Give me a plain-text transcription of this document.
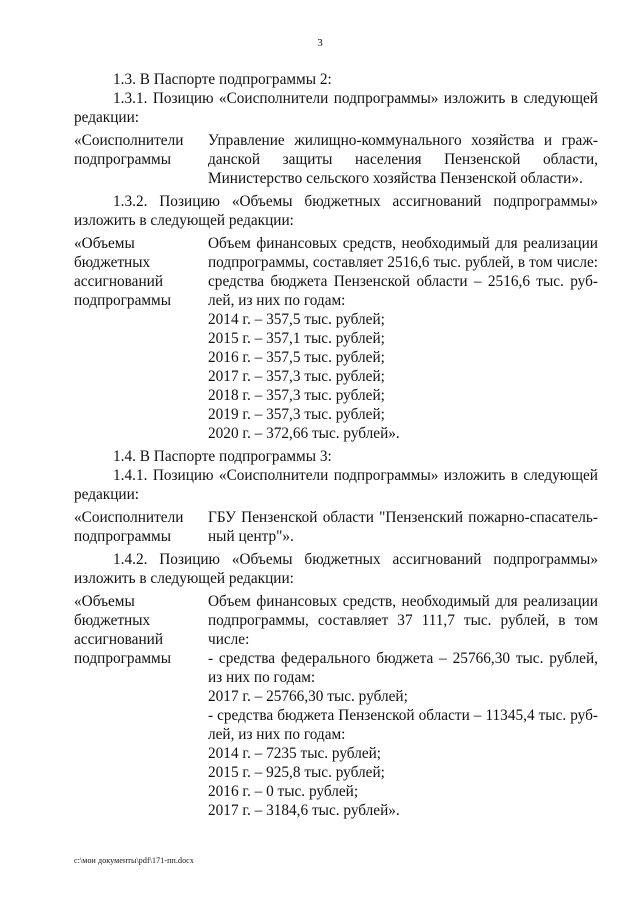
3
1.3. В Паспорте подпрограммы 2:
1.3.1. Позицию «Соисполнители подпрограммы» изложить в следующей
редакции:
«Соисполнители
подпрограммы
Управление жилищно-коммунального хозяйства и граж-
данской защиты населения Пензенской области,
Министерство сельского хозяйства Пензенской области».
1.3.2. Позицию «Объемы бюджетных ассигнований подпрограммы»
изложить в следующей редакции:
«Объемы
бюджетных
ассигнований
подпрограммы
Объем финансовых средств, необходимый для реализации
подпрограммы, составляет 2516,6 тыс. рублей, в том числе:
средства бюджета Пензенской области – 2516,6 тыс. руб-
лей, из них по годам:
2014 г. – 357,5 тыс. рублей;
2015 г. – 357,1 тыс. рублей;
2016 г. – 357,5 тыс. рублей;
2017 г. – 357,3 тыс. рублей;
2018 г. – 357,3 тыс. рублей;
2019 г. – 357,3 тыс. рублей;
2020 г. – 372,66 тыс. рублей».
1.4. В Паспорте подпрограммы 3:
1.4.1. Позицию «Соисполнители подпрограммы» изложить в следующей
редакции:
«Соисполнители
подпрограммы
ГБУ Пензенской области "Пензенский пожарно-спасатель-
ный центр"».
1.4.2. Позицию «Объемы бюджетных ассигнований подпрограммы»
изложить в следующей редакции:
«Объемы
бюджетных
ассигнований
подпрограммы
Объем финансовых средств, необходимый для реализации
подпрограммы, составляет 37 111,7 тыс. рублей, в том
числе:
- средства федерального бюджета – 25766,30 тыс. рублей,
из них по годам:
2017 г. – 25766,30 тыс. рублей;
- средства бюджета Пензенской области – 11345,4 тыс. руб-
лей, из них по годам:
2014 г. – 7235 тыс. рублей;
2015 г. – 925,8 тыс. рублей;
2016 г. – 0 тыс. рублей;
2017 г. – 3184,6 тыс. рублей».
c:\мои документы\pdf\171-пп.docx
